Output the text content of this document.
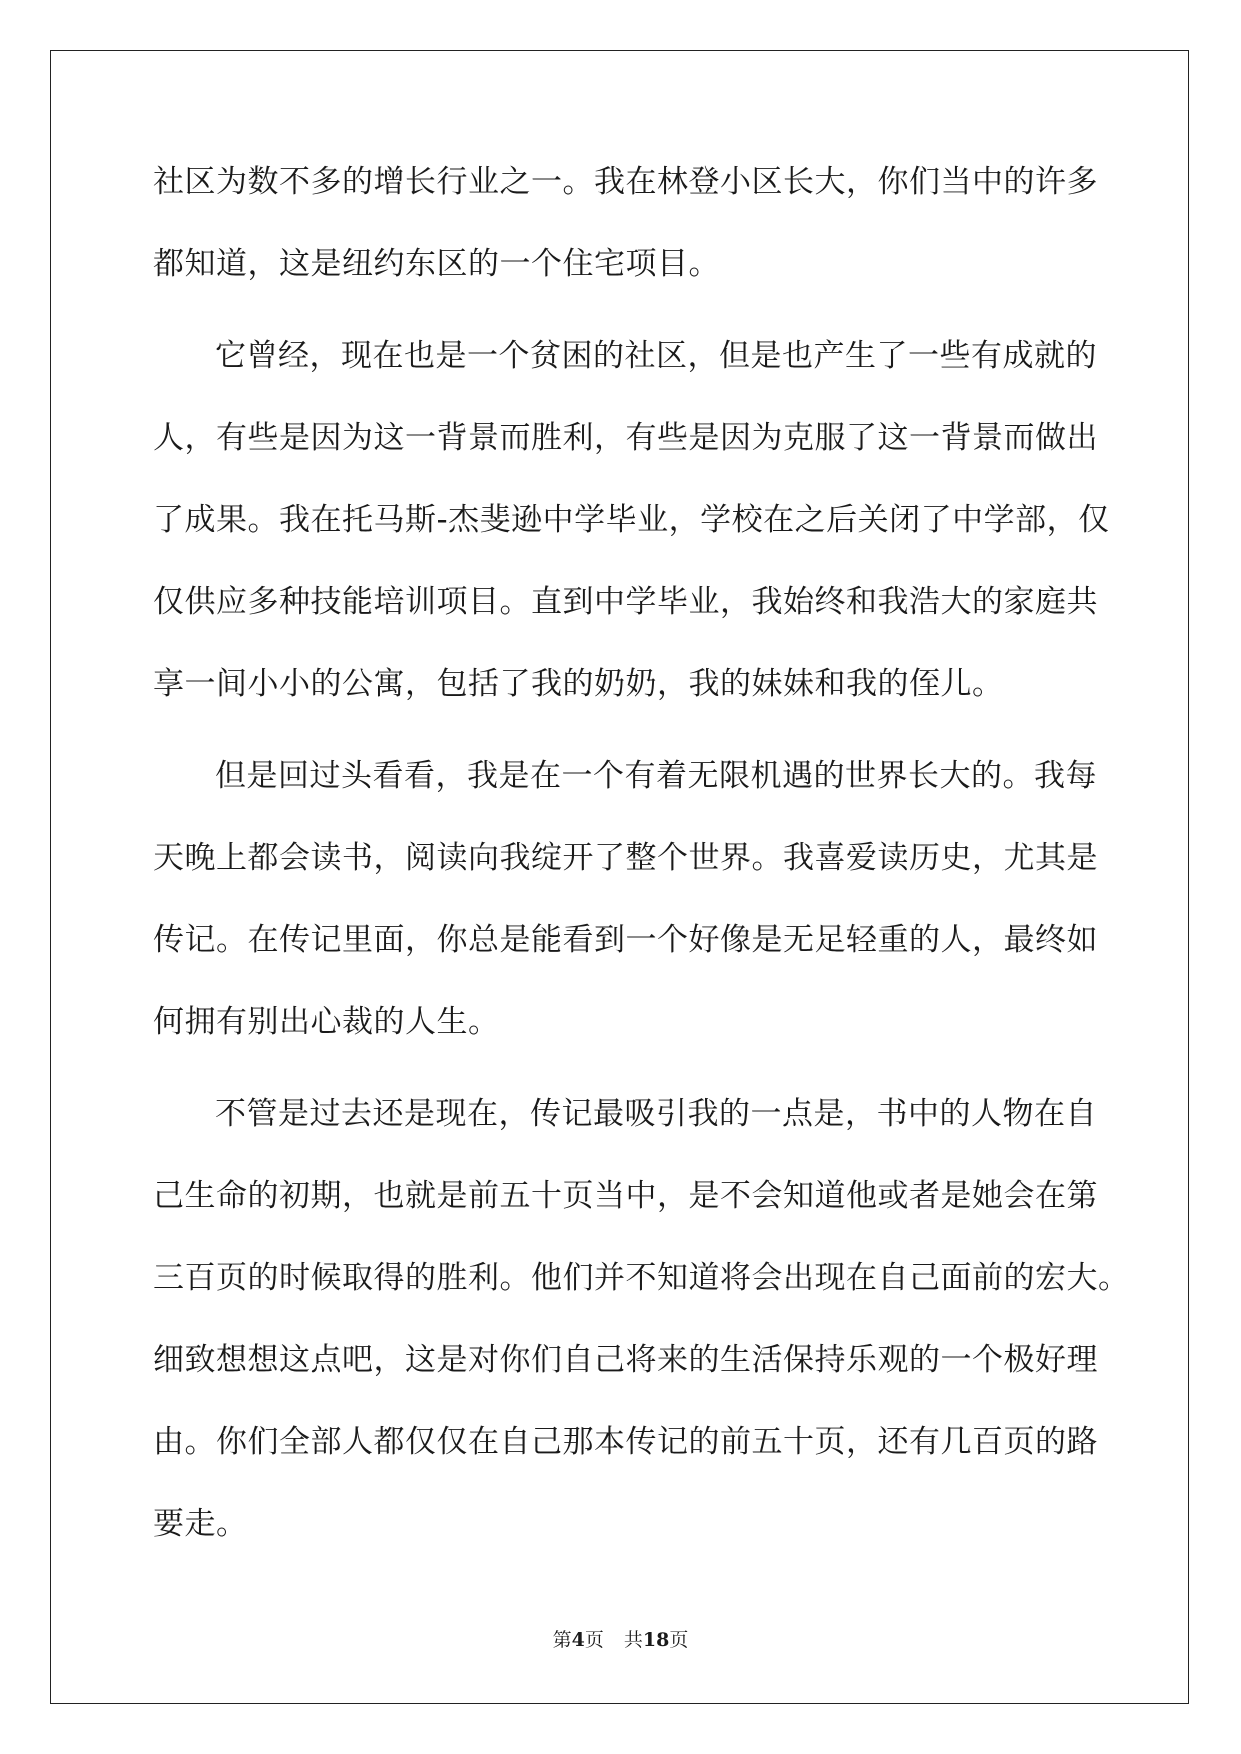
社区为数不多的增长行业之一。我在林登小区长大，你们当中的许多
都知道，这是纽约东区的一个住宅项目。
它曾经，现在也是一个贫困的社区，但是也产生了一些有成就的
人，有些是因为这一背景而胜利，有些是因为克服了这一背景而做出
了成果。我在托马斯-杰斐逊中学毕业，学校在之后关闭了中学部，仅
仅供应多种技能培训项目。直到中学毕业，我始终和我浩大的家庭共
享一间小小的公寓，包括了我的奶奶，我的妹妹和我的侄儿。
但是回过头看看，我是在一个有着无限机遇的世界长大的。我每
天晚上都会读书，阅读向我绽开了整个世界。我喜爱读历史，尤其是
传记。在传记里面，你总是能看到一个好像是无足轻重的人，最终如
何拥有别出心裁的人生。
不管是过去还是现在，传记最吸引我的一点是，书中的人物在自
己生命的初期，也就是前五十页当中，是不会知道他或者是她会在第
三百页的时候取得的胜利。他们并不知道将会出现在自己面前的宏大。
细致想想这点吧，这是对你们自己将来的生活保持乐观的一个极好理
由。你们全部人都仅仅在自己那本传记的前五十页，还有几百页的路
要走。
第4页 共18页
